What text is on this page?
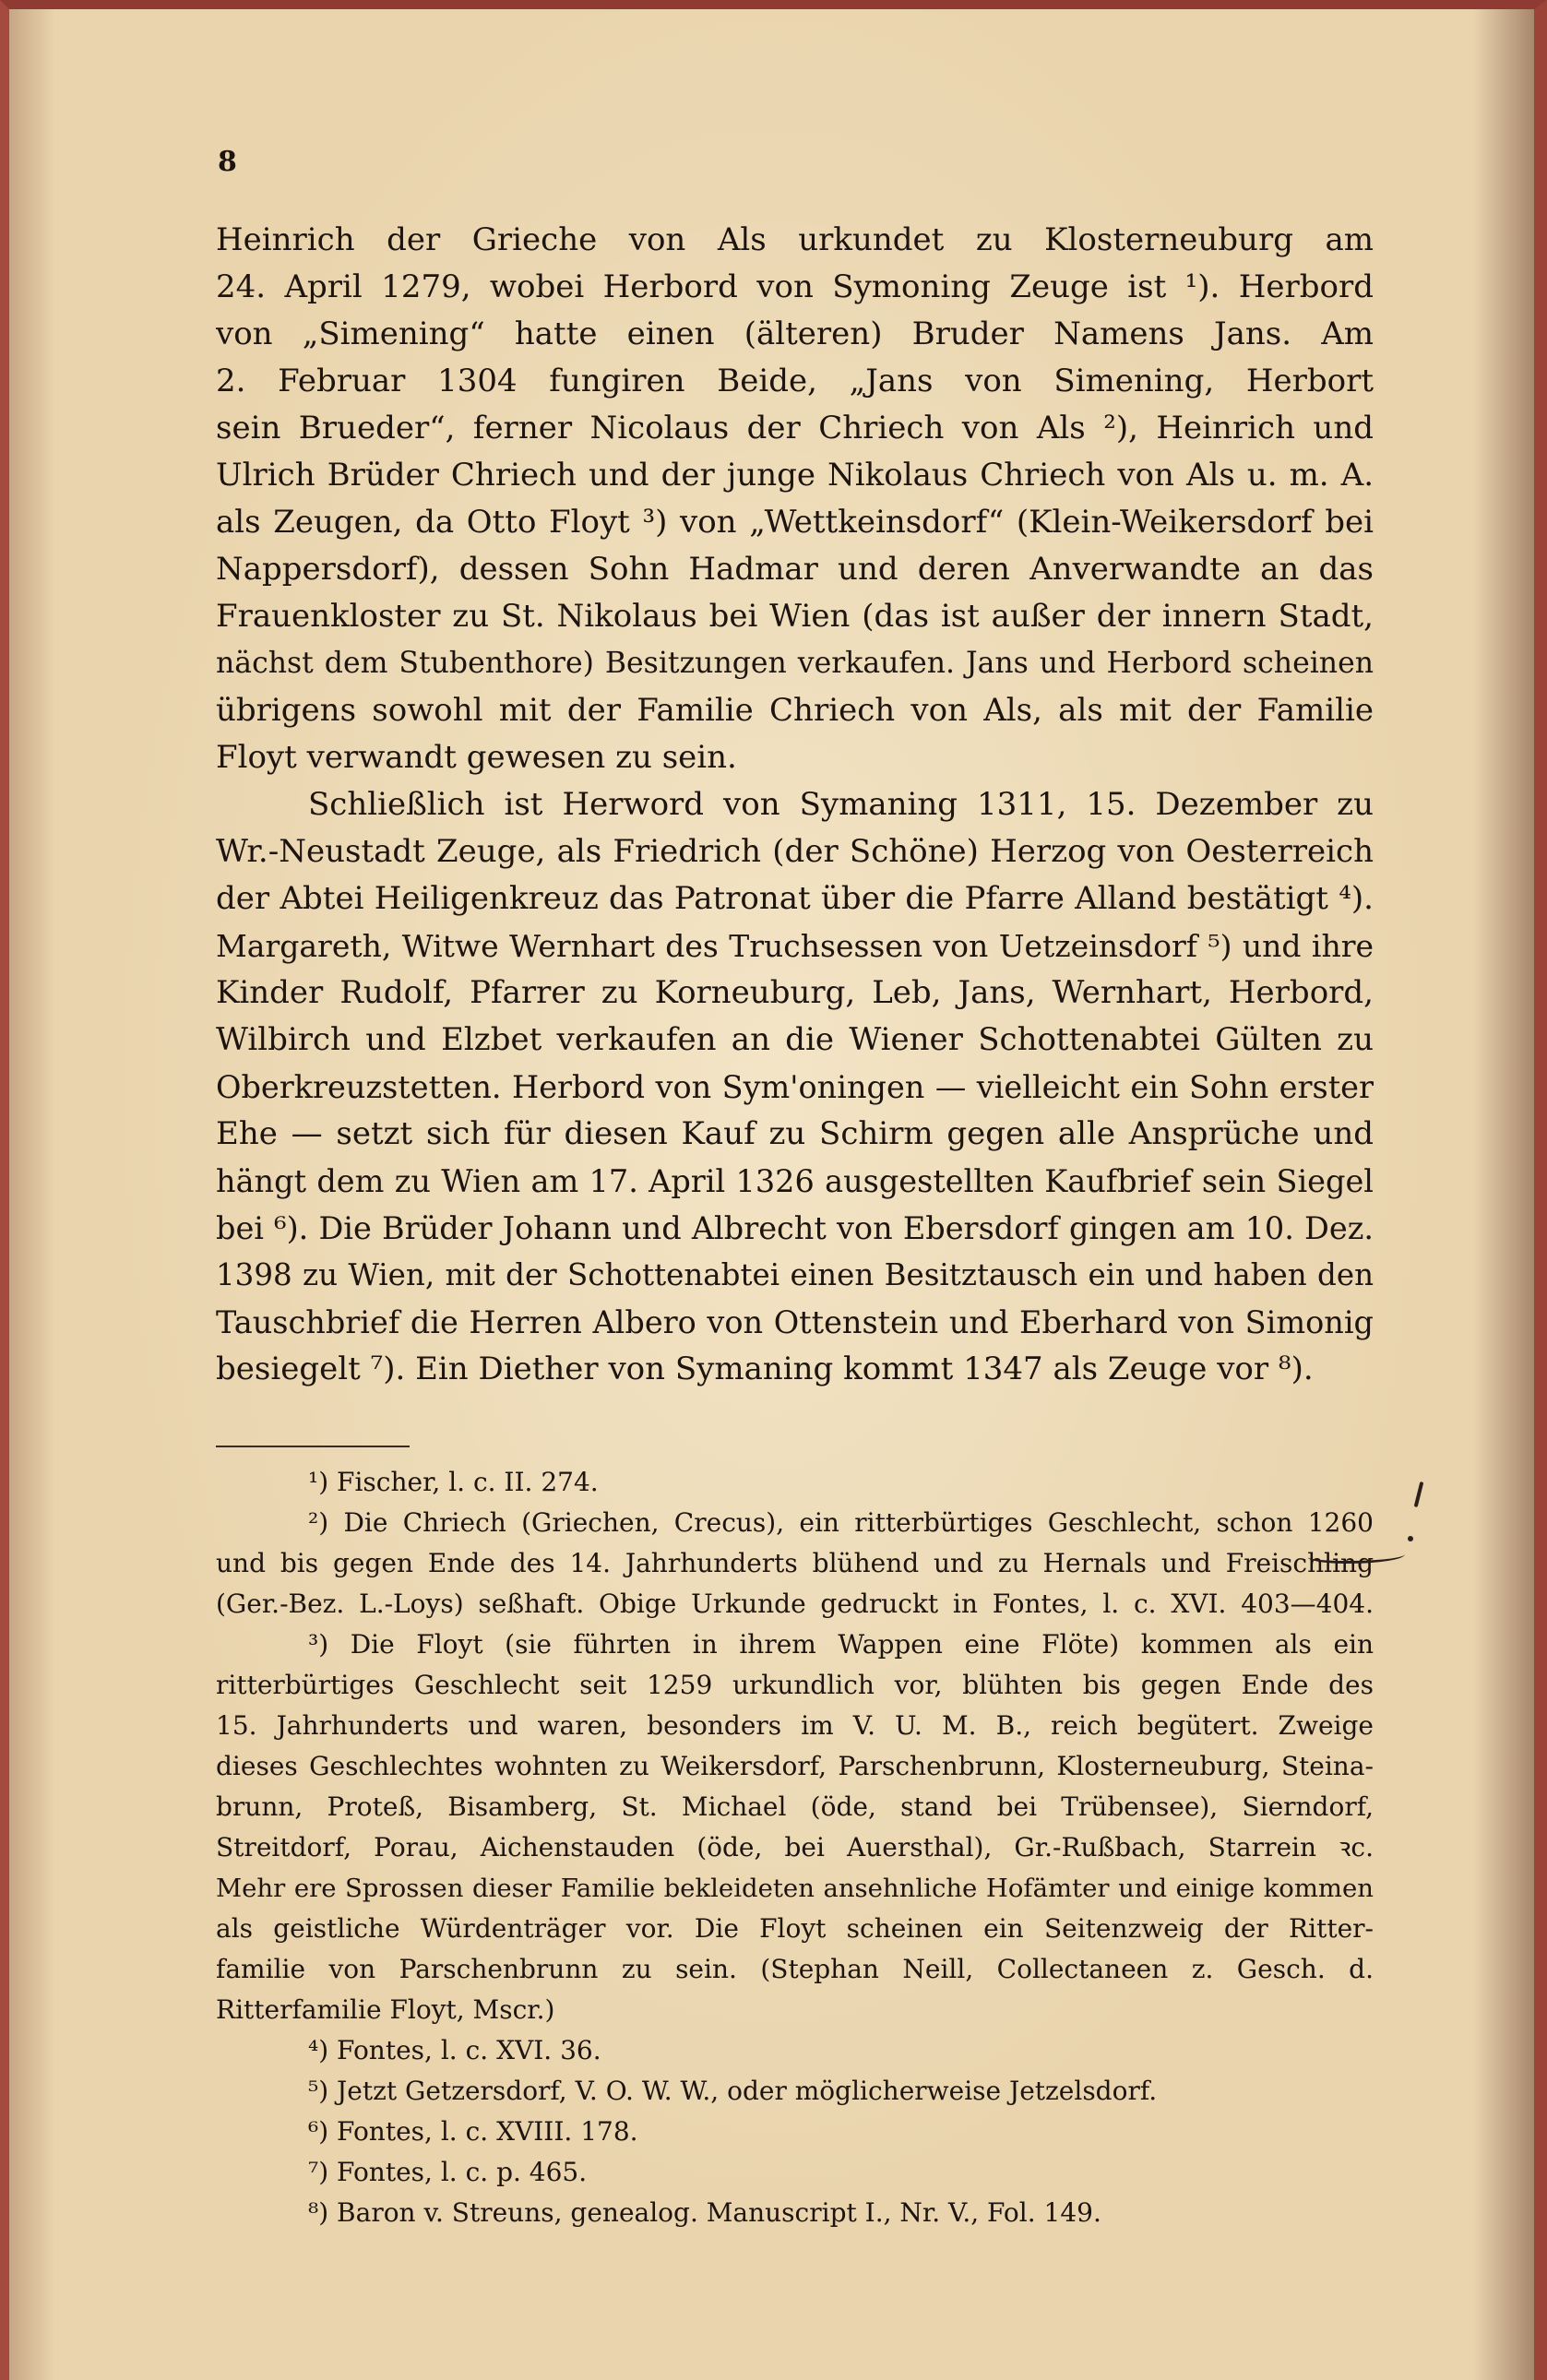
8
Heinrich der Grieche von Als urkundet zu Klosterneuburg am
24. April 1279, wobei Herbord von Symoning Zeuge ist ¹). Herbord
von „Simening“ hatte einen (älteren) Bruder Namens Jans. Am
2. Februar 1304 fungiren Beide, „Jans von Simening, Herbort
sein Brueder“, ferner Nicolaus der Chriech von Als ²), Heinrich und
Ulrich Brüder Chriech und der junge Nikolaus Chriech von Als u. m. A.
als Zeugen, da Otto Floyt ³) von „Wettkeinsdorf“ (Klein-Weikersdorf bei
Nappersdorf), dessen Sohn Hadmar und deren Anverwandte an das
Frauenkloster zu St. Nikolaus bei Wien (das ist außer der innern Stadt,
nächst dem Stubenthore) Besitzungen verkaufen. Jans und Herbord scheinen
übrigens sowohl mit der Familie Chriech von Als, als mit der Familie
Floyt verwandt gewesen zu sein.
Schließlich ist Herword von Symaning 1311, 15. Dezember zu
Wr.-Neustadt Zeuge, als Friedrich (der Schöne) Herzog von Oesterreich
der Abtei Heiligenkreuz das Patronat über die Pfarre Alland bestätigt ⁴).
Margareth, Witwe Wernhart des Truchsessen von Uetzeinsdorf ⁵) und ihre
Kinder Rudolf, Pfarrer zu Korneuburg, Leb, Jans, Wernhart, Herbord,
Wilbirch und Elzbet verkaufen an die Wiener Schottenabtei Gülten zu
Oberkreuzstetten. Herbord von Sym'oningen — vielleicht ein Sohn erster
Ehe — setzt sich für diesen Kauf zu Schirm gegen alle Ansprüche und
hängt dem zu Wien am 17. April 1326 ausgestellten Kaufbrief sein Siegel
bei ⁶). Die Brüder Johann und Albrecht von Ebersdorf gingen am 10. Dez.
1398 zu Wien, mit der Schottenabtei einen Besitztausch ein und haben den
Tauschbrief die Herren Albero von Ottenstein und Eberhard von Simonig
besiegelt ⁷). Ein Diether von Symaning kommt 1347 als Zeuge vor ⁸).
¹) Fischer, l. c. II. 274.
²) Die Chriech (Griechen, Crecus), ein ritterbürtiges Geschlecht, schon 1260
und bis gegen Ende des 14. Jahrhunderts blühend und zu Hernals und Freischling
(Ger.-Bez. L.-Loys) seßhaft. Obige Urkunde gedruckt in Fontes, l. c. XVI. 403—404.
³) Die Floyt (sie führten in ihrem Wappen eine Flöte) kommen als ein
ritterbürtiges Geschlecht seit 1259 urkundlich vor, blühten bis gegen Ende des
15. Jahrhunderts und waren, besonders im V. U. M. B., reich begütert. Zweige
dieses Geschlechtes wohnten zu Weikersdorf, Parschenbrunn, Klosterneuburg, Steina-
brunn, Proteß, Bisamberg, St. Michael (öde, stand bei Trübensee), Sierndorf,
Streitdorf, Porau, Aichenstauden (öde, bei Auersthal), Gr.-Rußbach, Starrein ꝛc.
Mehr ere Sprossen dieser Familie bekleideten ansehnliche Hofämter und einige kommen
als geistliche Würdenträger vor. Die Floyt scheinen ein Seitenzweig der Ritter-
familie von Parschenbrunn zu sein. (Stephan Neill, Collectaneen z. Gesch. d.
Ritterfamilie Floyt, Mscr.)
⁴) Fontes, l. c. XVI. 36.
⁵) Jetzt Getzersdorf, V. O. W. W., oder möglicherweise Jetzelsdorf.
⁶) Fontes, l. c. XVIII. 178.
⁷) Fontes, l. c. p. 465.
⁸) Baron v. Streuns, genealog. Manuscript I., Nr. V., Fol. 149.
